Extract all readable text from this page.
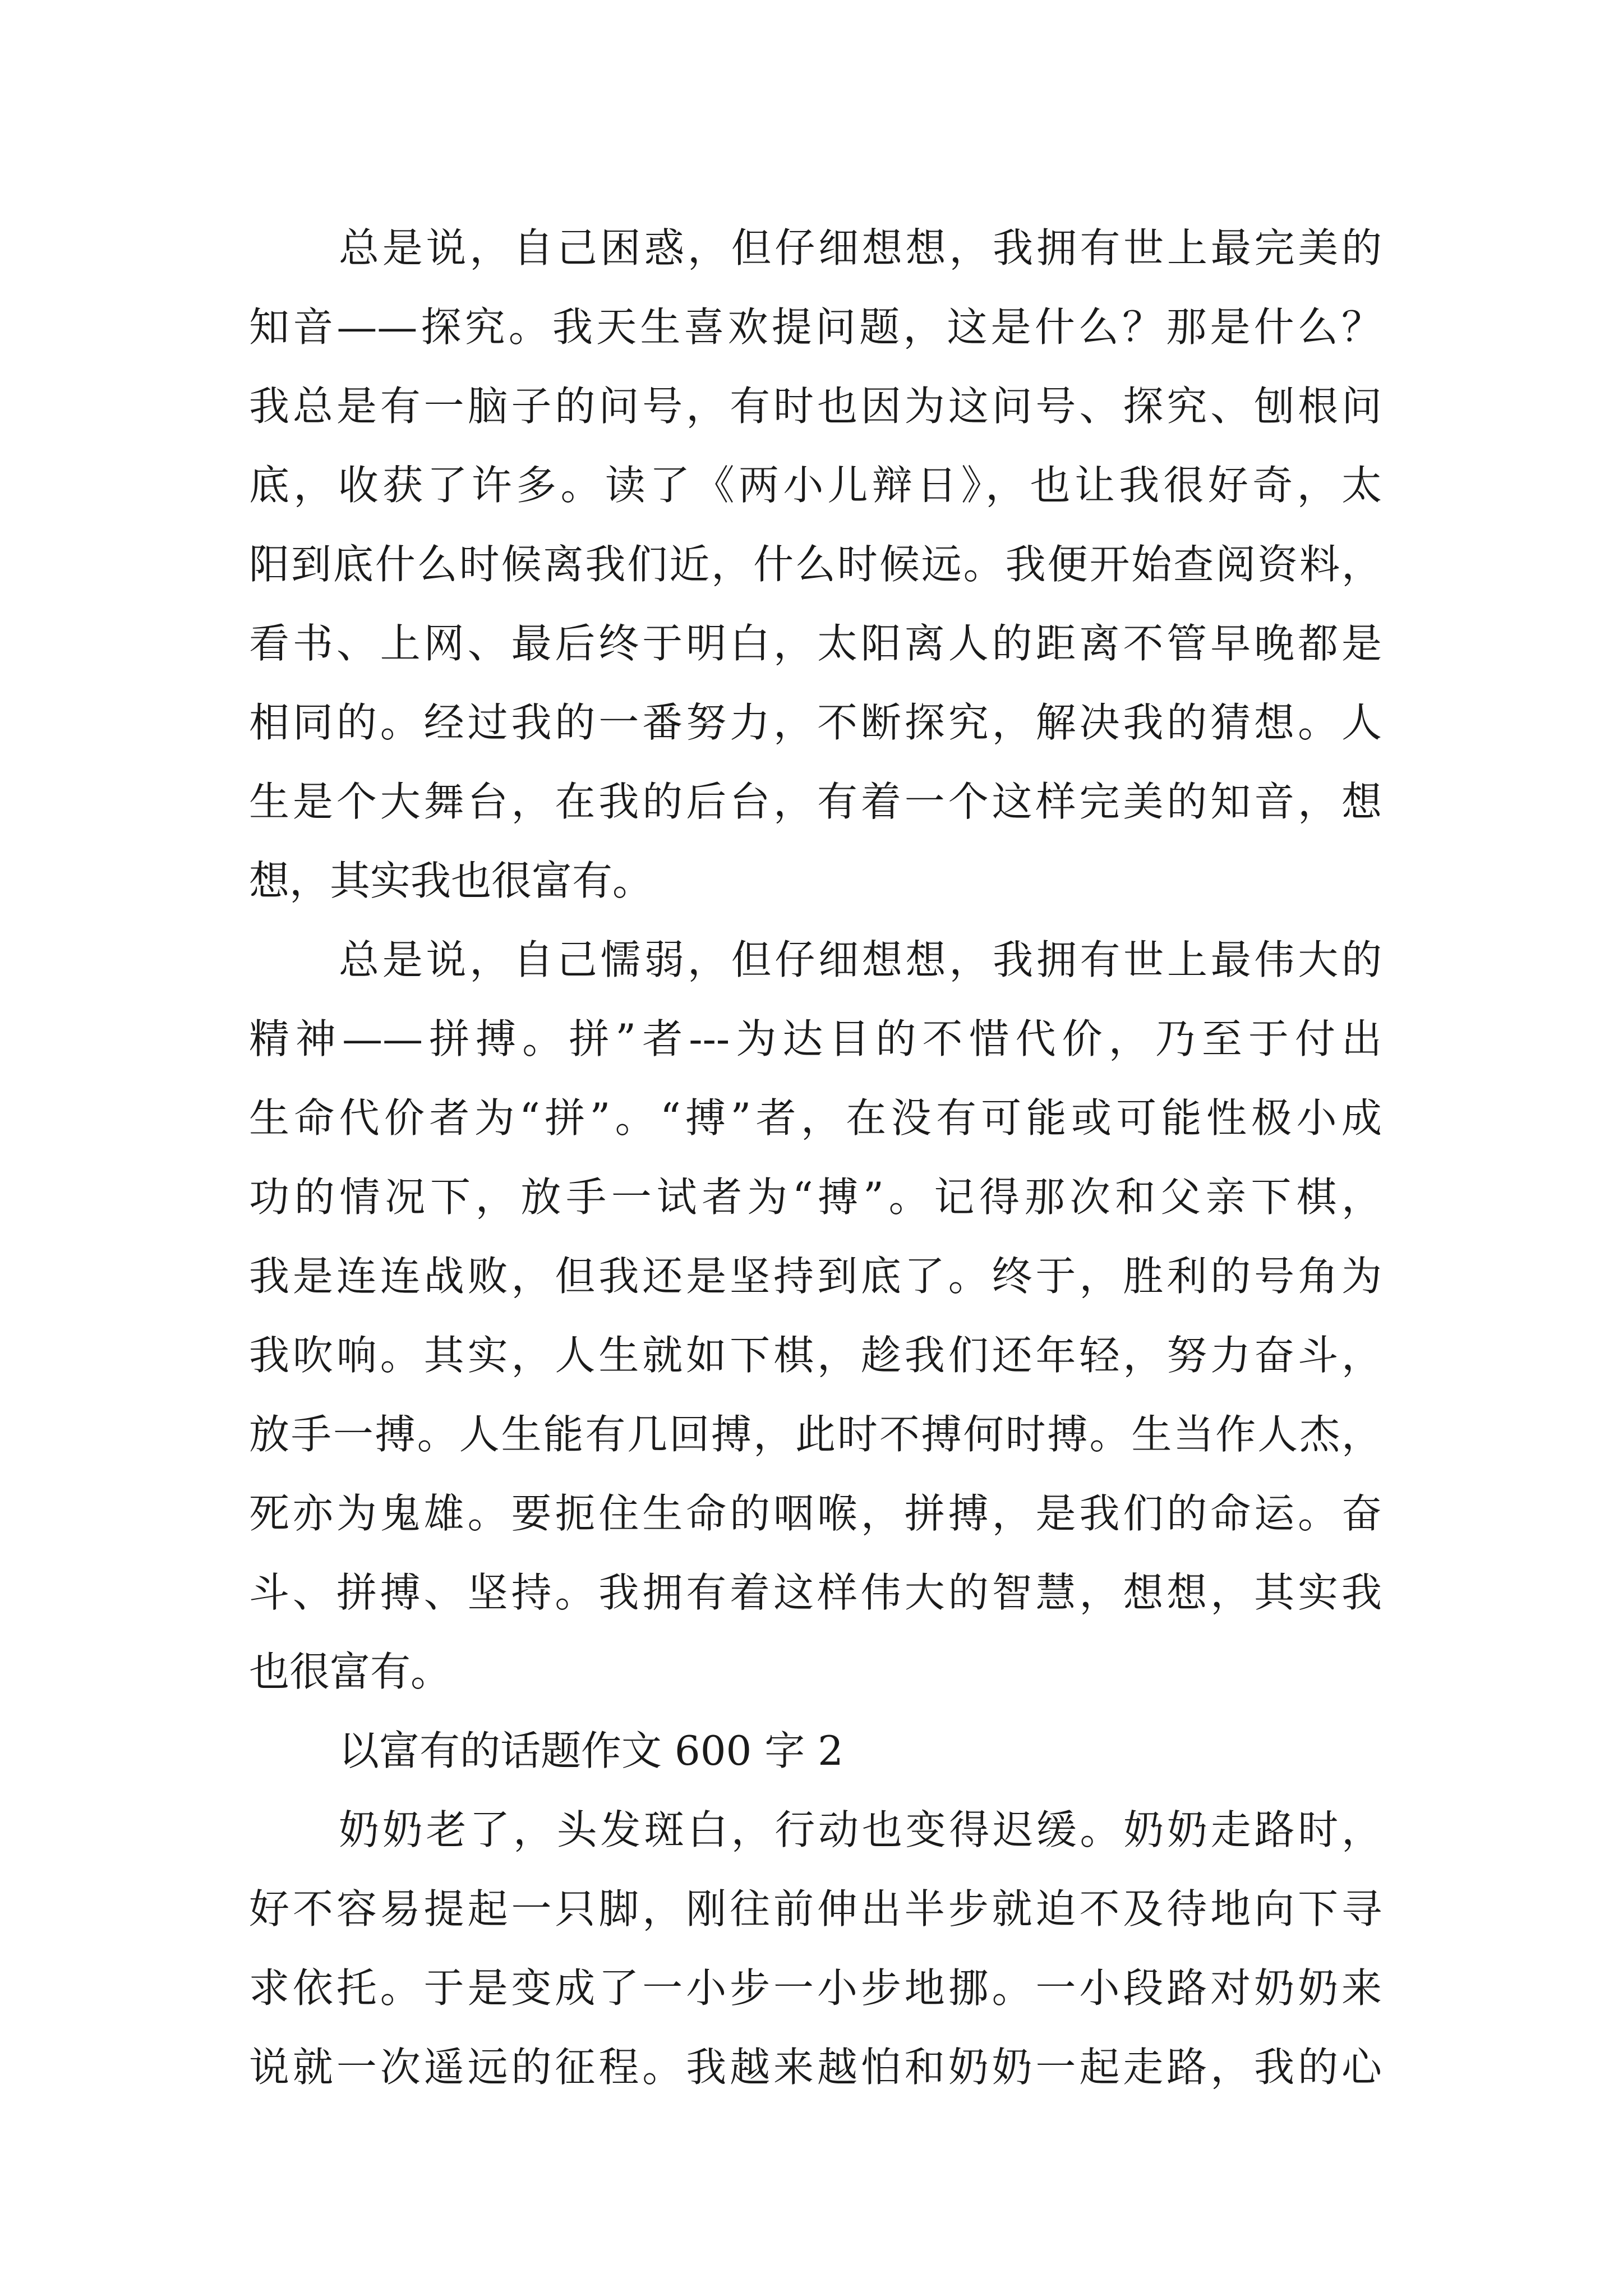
总是说，自己困惑，但仔细想想，我拥有世上最完美的
知音——探究。我天生喜欢提问题，这是什么？那是什么？
我总是有一脑子的问号，有时也因为这问号、探究、刨根问
底，收获了许多。读了《两小儿辩日》，也让我很好奇，太
阳到底什么时候离我们近，什么时候远。我便开始查阅资料，
看书、上网、最后终于明白，太阳离人的距离不管早晚都是
相同的。经过我的一番努力，不断探究，解决我的猜想。人
生是个大舞台，在我的后台，有着一个这样完美的知音，想
想，其实我也很富有。
总是说，自己懦弱，但仔细想想，我拥有世上最伟大的
精神——拼搏。拼”者---为达目的不惜代价，乃至于付出
生命代价者为“拼”。“搏”者，在没有可能或可能性极小成
功的情况下，放手一试者为“搏”。记得那次和父亲下棋，
我是连连战败，但我还是坚持到底了。终于，胜利的号角为
我吹响。其实，人生就如下棋，趁我们还年轻，努力奋斗，
放手一搏。人生能有几回搏，此时不搏何时搏。生当作人杰，
死亦为鬼雄。要扼住生命的咽喉，拼搏，是我们的命运。奋
斗、拼搏、坚持。我拥有着这样伟大的智慧，想想，其实我
也很富有。
以富有的话题作文 600 字 2
奶奶老了，头发斑白，行动也变得迟缓。奶奶走路时，
好不容易提起一只脚，刚往前伸出半步就迫不及待地向下寻
求依托。于是变成了一小步一小步地挪。一小段路对奶奶来
说就一次遥远的征程。我越来越怕和奶奶一起走路，我的心
